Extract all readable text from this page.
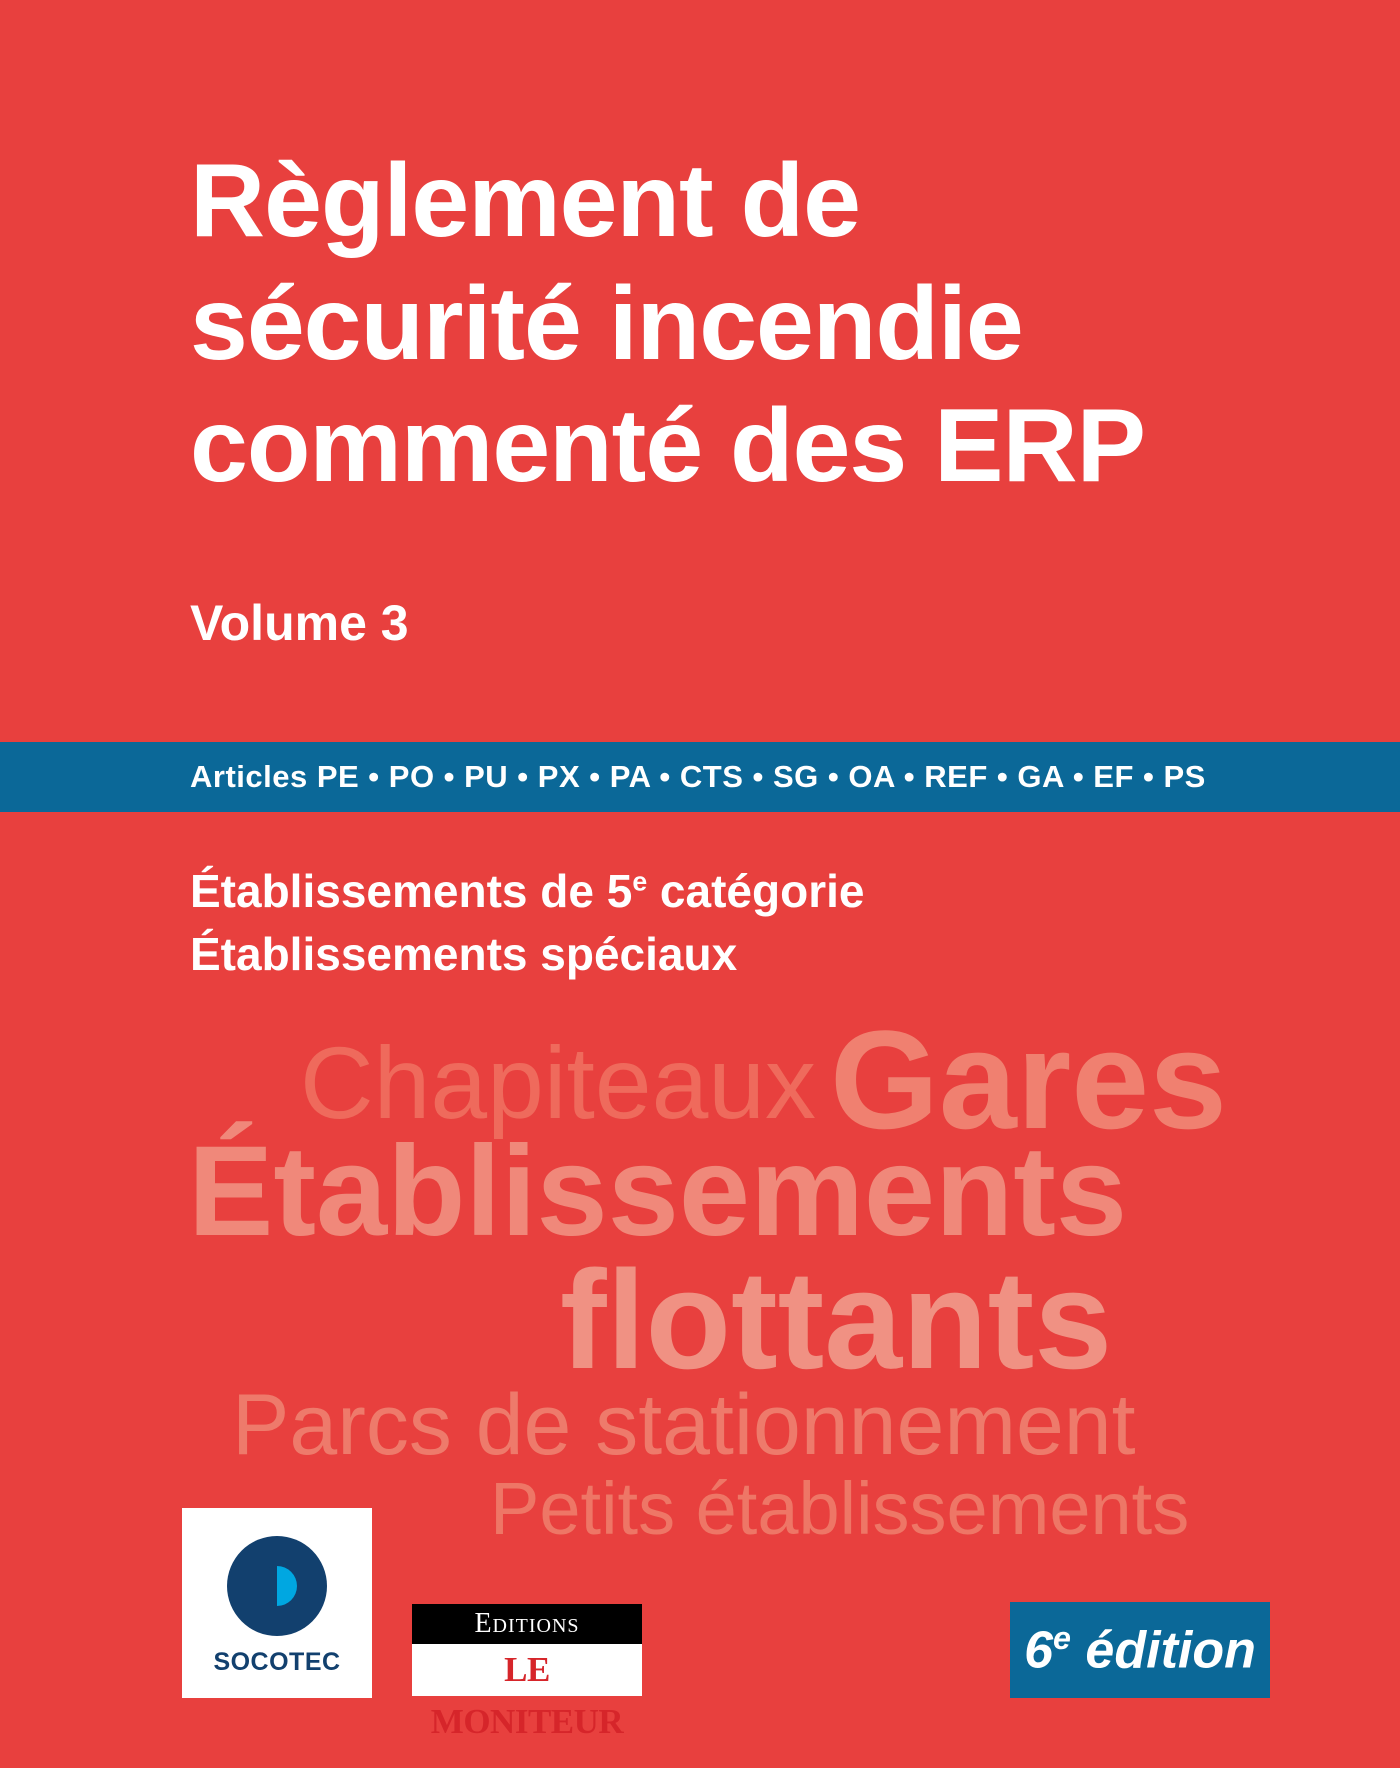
Chapiteaux Gares
Établissements
flottants
Parcs de stationnement
Petits établissements
Règlement de
sécurité incendie
commenté des ERP
Volume 3
Articles PE • PO • PU • PX • PA • CTS • SG • OA • REF • GA • EF • PS
Établissements de 5e catégorie
Établissements spéciaux
SOCOTEC
Editions
LE MONITEUR
6e édition
